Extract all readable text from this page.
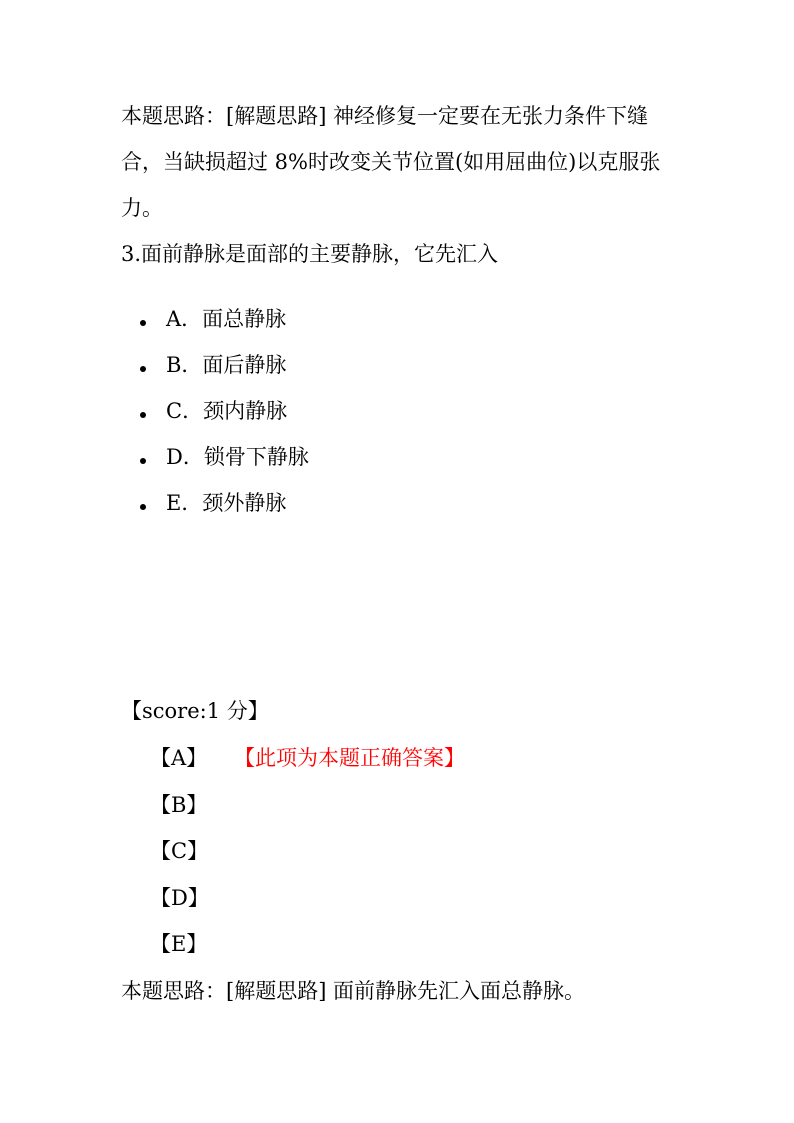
本题思路：[解题思路] 神经修复一定要在无张力条件下缝合，当缺损超过 8%时改变关节位置(如用屈曲位)以克服张力。

3.面前静脉是面部的主要静脉，它先汇入

A．面总静脉
B．面后静脉
C．颈内静脉
D．锁骨下静脉
E．颈外静脉
【score:1 分】
【A】	【此项为本题正确答案】
【B】
【C】
【D】
【E】

本题思路：[解题思路] 面前静脉先汇入面总静脉。
